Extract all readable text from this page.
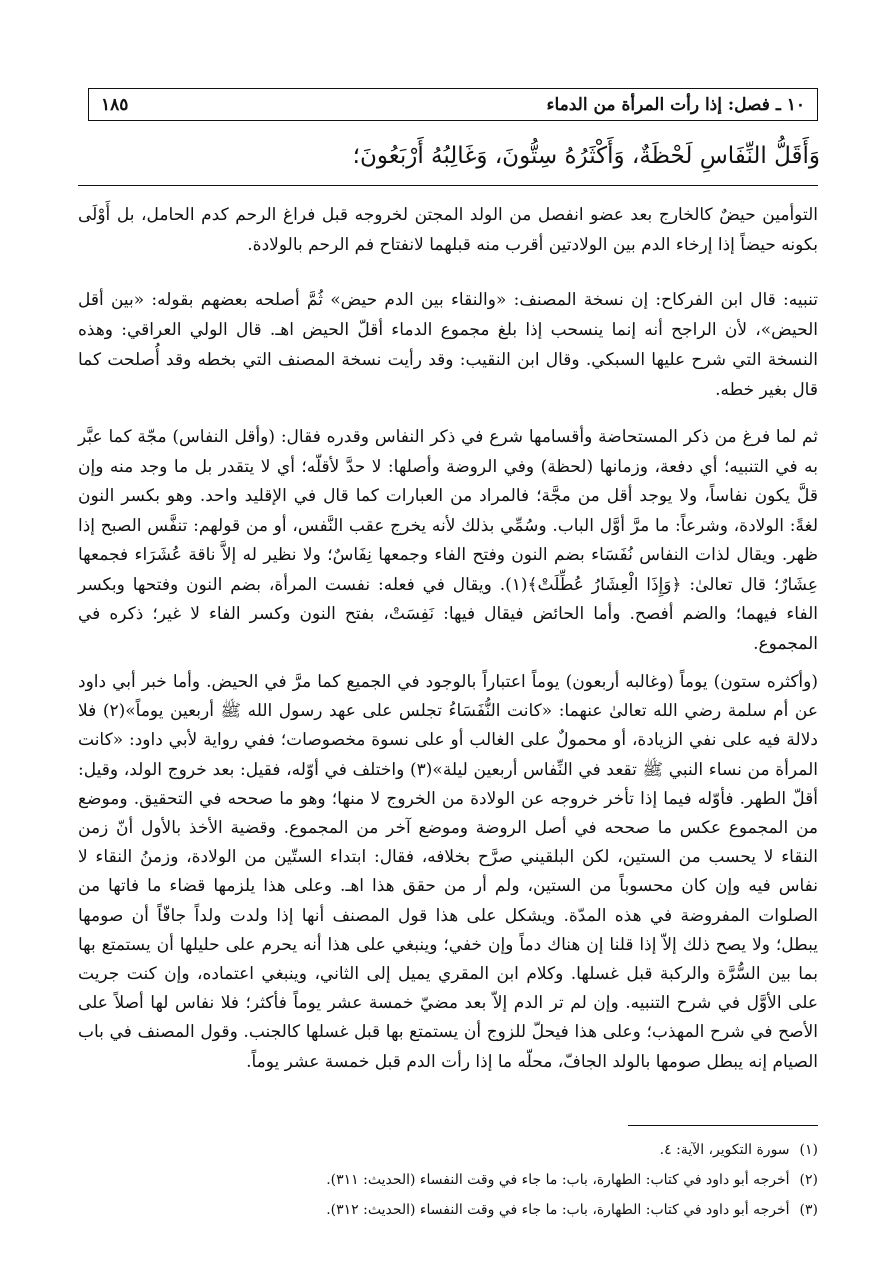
١٠ ـ فصل: إذا رأت المرأة من الدماء
١٨٥
وَأَقَلُّ النِّفَاسِ لَحْظَةٌ، وَأَكْثَرُهُ سِتُّونَ، وَغَالِبُهُ أَرْبَعُونَ؛
التوأمين حيضٌ كالخارج بعد عضو انفصل من الولد المجتن لخروجه قبل فراغ الرحم كدم الحامل، بل أَوْلَى بكونه حيضاً إذا إرخاء الدم بين الولادتين أقرب منه قبلهما لانفتاح فم الرحم بالولادة.
تنبيه: قال ابن الفركاح: إن نسخة المصنف: «والنقاء بين الدم حيض» ثُمَّ أصلحه بعضهم بقوله: «بين أقل الحيض»، لأن الراجح أنه إنما ينسحب إذا بلغ مجموع الدماء أقلّ الحيض اهـ. قال الولي العراقي: وهذه النسخة التي شرح عليها السبكي. وقال ابن النقيب: وقد رأيت نسخة المصنف التي بخطه وقد أُصلحت كما قال بغير خطه.
ثم لما فرغ من ذكر المستحاضة وأقسامها شرع في ذكر النفاس وقدره فقال: (وأقل النفاس) مجّة كما عبَّر به في التنبيه؛ أي دفعة، وزمانها (لحظة) وفي الروضة وأصلها: لا حدَّ لأقلّه؛ أي لا يتقدر بل ما وجد منه وإن قلَّ يكون نفاساً، ولا يوجد أقل من مجَّة؛ فالمراد من العبارات كما قال في الإقليد واحد. وهو بكسر النون لغةً: الولادة، وشرعاً: ما مرَّ أوَّل الباب. وسُمِّي بذلك لأنه يخرج عقب النَّفس، أو من قولهم: تنفَّس الصبح إذا ظهر. ويقال لذات النفاس نُفَسَاء بضم النون وفتح الفاء وجمعها نِفَاسٌ؛ ولا نظير له إلاَّ ناقة عُشَرَاء فجمعها عِشَارٌ؛ قال تعالىٰ: ﴿وَإِذَا الْعِشَارُ عُطِّلَتْ﴾(١). ويقال في فعله: نفست المرأة، بضم النون وفتحها وبكسر الفاء فيهما؛ والضم أفصح. وأما الحائض فيقال فيها: نَفِسَتْ، بفتح النون وكسر الفاء لا غير؛ ذكره في المجموع.
(وأكثره ستون) يوماً (وغالبه أربعون) يوماً اعتباراً بالوجود في الجميع كما مرَّ في الحيض. وأما خبر أبي داود عن أم سلمة رضي الله تعالىٰ عنهما: «كانت النُّفَسَاءُ تجلس على عهد رسول الله ﷺ أربعين يوماً»(٢) فلا دلالة فيه على نفي الزيادة، أو محمولٌ على الغالب أو على نسوة مخصوصات؛ ففي رواية لأبي داود: «كانت المرأة من نساء النبي ﷺ تقعد في النِّفاس أربعين ليلة»(٣) واختلف في أوّله، فقيل: بعد خروج الولد، وقيل: أقلّ الطهر. فأوّله فيما إذا تأخر خروجه عن الولادة من الخروج لا منها؛ وهو ما صححه في التحقيق. وموضع من المجموع عكس ما صححه في أصل الروضة وموضع آخر من المجموع. وقضية الأخذ بالأول أنّ زمن النقاء لا يحسب من الستين، لكن البلقيني صرَّح بخلافه، فقال: ابتداء الستّين من الولادة، وزمنُ النقاء لا نفاس فيه وإن كان محسوباً من الستين، ولم أر من حقق هذا اهـ. وعلى هذا يلزمها قضاء ما فاتها من الصلوات المفروضة في هذه المدّة. ويشكل على هذا قول المصنف أنها إذا ولدت ولداً جافّاً أن صومها يبطل؛ ولا يصح ذلك إلاّ إذا قلنا إن هناك دماً وإن خفي؛ وينبغي على هذا أنه يحرم على حليلها أن يستمتع بها بما بين السُّرَّة والركبة قبل غسلها. وكلام ابن المقري يميل إلى الثاني، وينبغي اعتماده، وإن كنت جريت على الأوَّل في شرح التنبيه. وإن لم تر الدم إلاّ بعد مضيّ خمسة عشر يوماً فأكثر؛ فلا نفاس لها أصلاً على الأصح في شرح المهذب؛ وعلى هذا فيحلّ للزوج أن يستمتع بها قبل غسلها كالجنب. وقول المصنف في باب الصيام إنه يبطل صومها بالولد الجافّ، محلّه ما إذا رأت الدم قبل خمسة عشر يوماً.
(١)سورة التكوير، الآية: ٤.
(٢)أخرجه أبو داود في كتاب: الطهارة، باب: ما جاء في وقت النفساء (الحديث: ٣١١).
(٣)أخرجه أبو داود في كتاب: الطهارة، باب: ما جاء في وقت النفساء (الحديث: ٣١٢).
